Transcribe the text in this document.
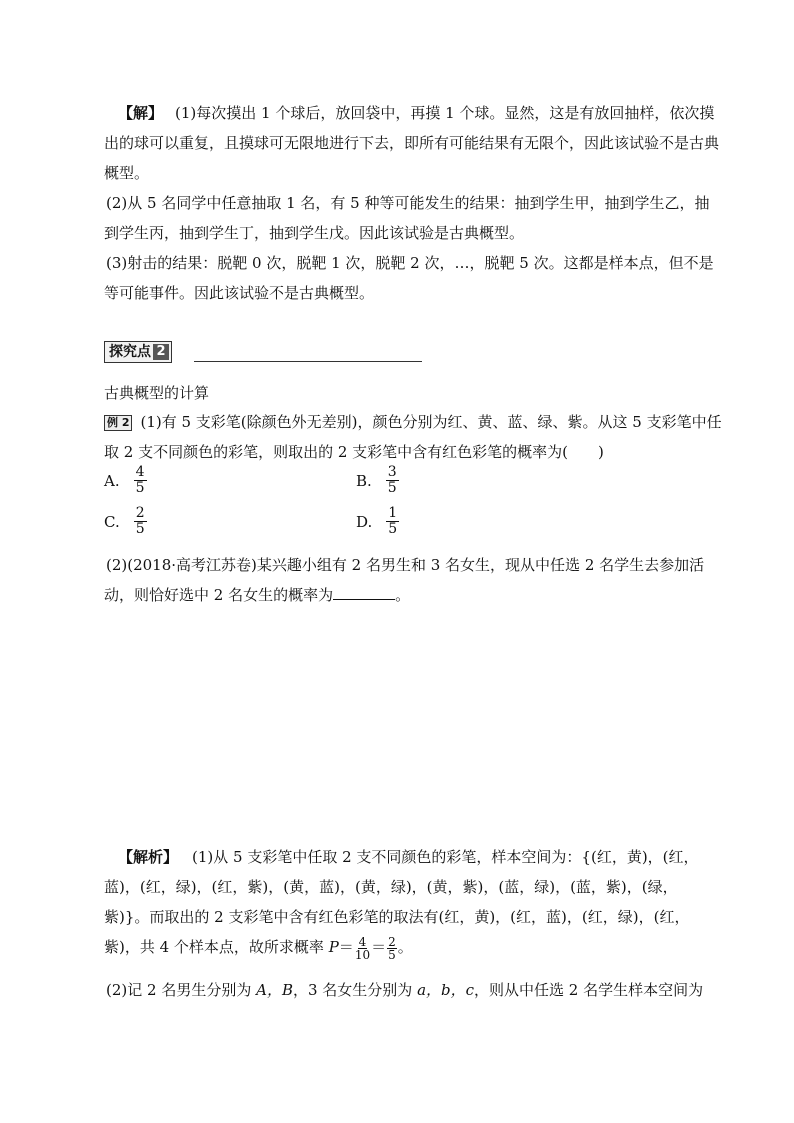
【解】 (1)每次摸出 1 个球后，放回袋中，再摸 1 个球。显然，这是有放回抽样，依次摸出的球可以重复，且摸球可无限地进行下去，即所有可能结果有无限个，因此该试验不是古典概型。

(2)从 5 名同学中任意抽取 1 名，有 5 种等可能发生的结果：抽到学生甲，抽到学生乙，抽到学生丙，抽到学生丁，抽到学生戊。因此该试验是古典概型。

(3)射击的结果：脱靶 0 次，脱靶 1 次，脱靶 2 次，…，脱靶 5 次。这都是样本点，但不是等可能事件。因此该试验不是古典概型。

探究点 2

古典概型的计算

例 2 (1)有 5 支彩笔(除颜色外无差别)，颜色分别为红、黄、蓝、绿、紫。从这 5 支彩笔中任取 2 支不同颜色的彩笔，则取出的 2 支彩笔中含有红色彩笔的概率为(　　)

A. $\frac{4}{5}$	B. $\frac{3}{5}$
C. $\frac{2}{5}$	D. $\frac{1}{5}$

(2)(2018·高考江苏卷)某兴趣小组有 2 名男生和 3 名女生，现从中任选 2 名学生去参加活动，则恰好选中 2 名女生的概率为	。

【解析】 (1)从 5 支彩笔中任取 2 支不同颜色的彩笔，样本空间为：{(红，黄)，(红，蓝)，(红，绿)，(红，紫)，(黄，蓝)，(黄，绿)，(黄，紫)，(蓝，绿)，(蓝，紫)，(绿，紫)}。而取出的 2 支彩笔中含有红色彩笔的取法有(红，黄)，(红，蓝)，(红，绿)，(红，紫)，共 4 个样本点，故所求概率 $P= \frac{4}{10} = \frac{2}{5}$ 。

(2)记 2 名男生分别为 A，B，3 名女生分别为 a，b，c，则从中任选 2 名学生样本空间为
